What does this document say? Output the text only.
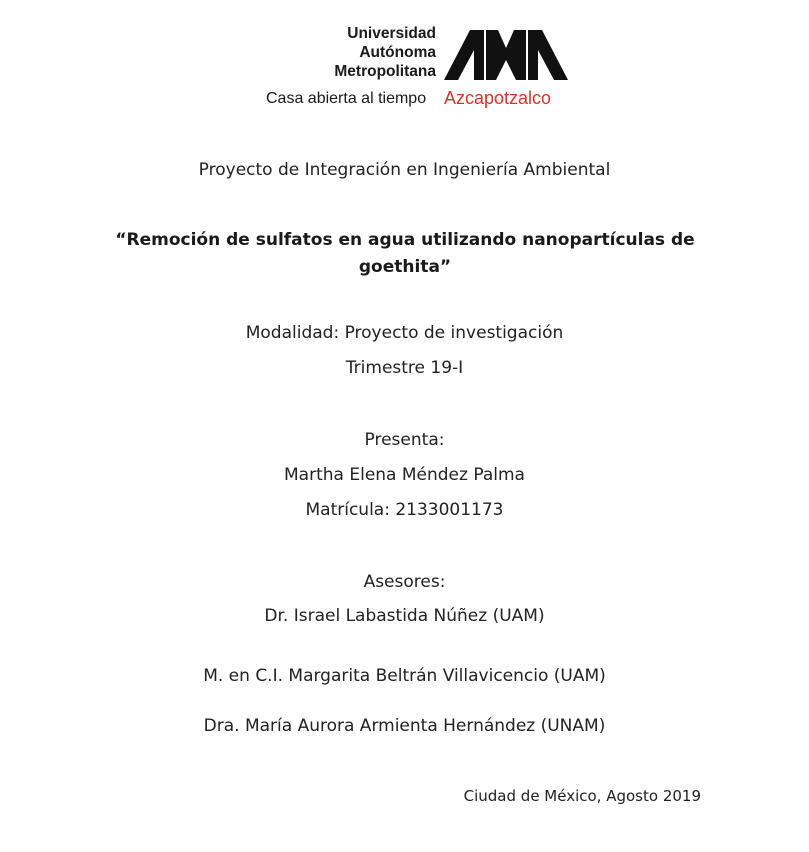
Universidad
Autónoma
Metropolitana
Casa abierta al tiempo Azcapotzalco
Proyecto de Integración en Ingeniería Ambiental
“Remoción de sulfatos en agua utilizando nanopartículas de goethita”
Modalidad: Proyecto de investigación
Trimestre 19-I
Presenta:
Martha Elena Méndez Palma
Matrícula: 2133001173
Asesores:
Dr. Israel Labastida Núñez (UAM)
M. en C.I. Margarita Beltrán Villavicencio (UAM)
Dra. María Aurora Armienta Hernández (UNAM)
Ciudad de México, Agosto 2019
